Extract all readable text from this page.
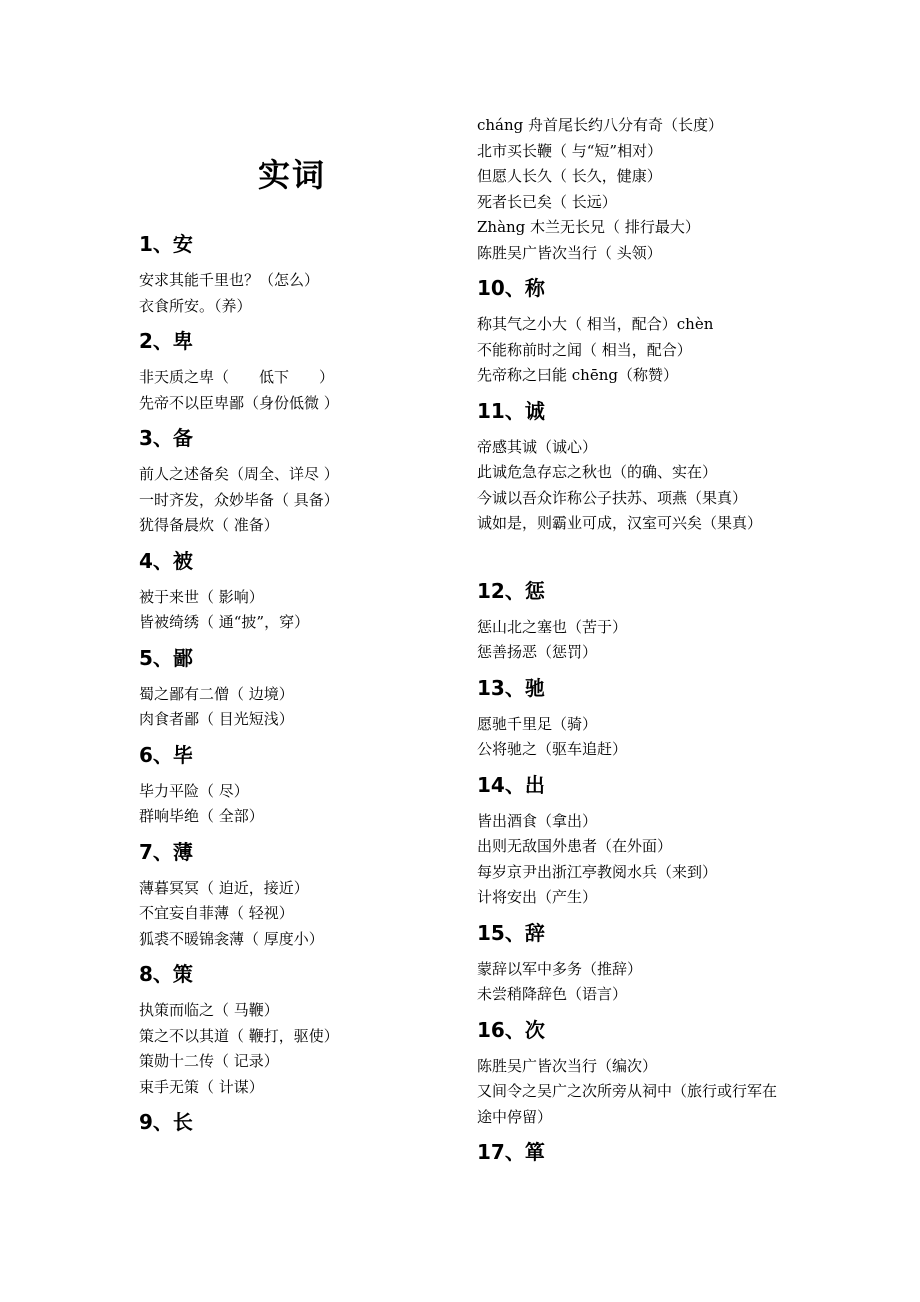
实词
1、安
安求其能千里也？（怎么）
衣食所安。（养）
2、卑
非天质之卑（　　低下　　）
先帝不以臣卑鄙（身份低微 ）
3、备
前人之述备矣（周全、详尽 ）
一时齐发，众妙毕备（ 具备）
犹得备晨炊（ 准备）
4、被
被于来世（ 影响）
皆被绮绣（ 通“披”，穿）
5、鄙
蜀之鄙有二僧（ 边境）
肉食者鄙（ 目光短浅）
6、毕
毕力平险（ 尽）
群响毕绝（ 全部）
7、薄
薄暮冥冥（ 迫近，接近）
不宜妄自菲薄（ 轻视）
狐裘不暖锦衾薄（ 厚度小）
8、策
执策而临之（ 马鞭）
策之不以其道（ 鞭打，驱使）
策勋十二传（ 记录）
束手无策（ 计谋）
9、长
cháng 舟首尾长约八分有奇（长度）
北市买长鞭（ 与“短”相对）
但愿人长久（ 长久，健康）
死者长已矣（ 长远）
Zhàng 木兰无长兄（ 排行最大）
陈胜吴广皆次当行（ 头领）
10、称
称其气之小大（ 相当，配合）chèn
不能称前时之闻（ 相当，配合）
先帝称之曰能 chēng（称赞）
11、诚
帝感其诚（诚心）
此诚危急存忘之秋也（的确、实在）
今诚以吾众诈称公子扶苏、项燕（果真）
诚如是，则霸业可成，汉室可兴矣（果真）
12、惩
惩山北之塞也（苦于）
惩善扬恶（惩罚）
13、驰
愿驰千里足（骑）
公将驰之（驱车追赶）
14、出
皆出酒食（拿出）
出则无敌国外患者（在外面）
每岁京尹出浙江亭教阅水兵（来到）
计将安出（产生）
15、辞
蒙辞以军中多务（推辞）
未尝稍降辞色（语言）
16、次
陈胜吴广皆次当行（编次）
又间令之吴广之次所旁从祠中（旅行或行军在途中停留）
17、箪
